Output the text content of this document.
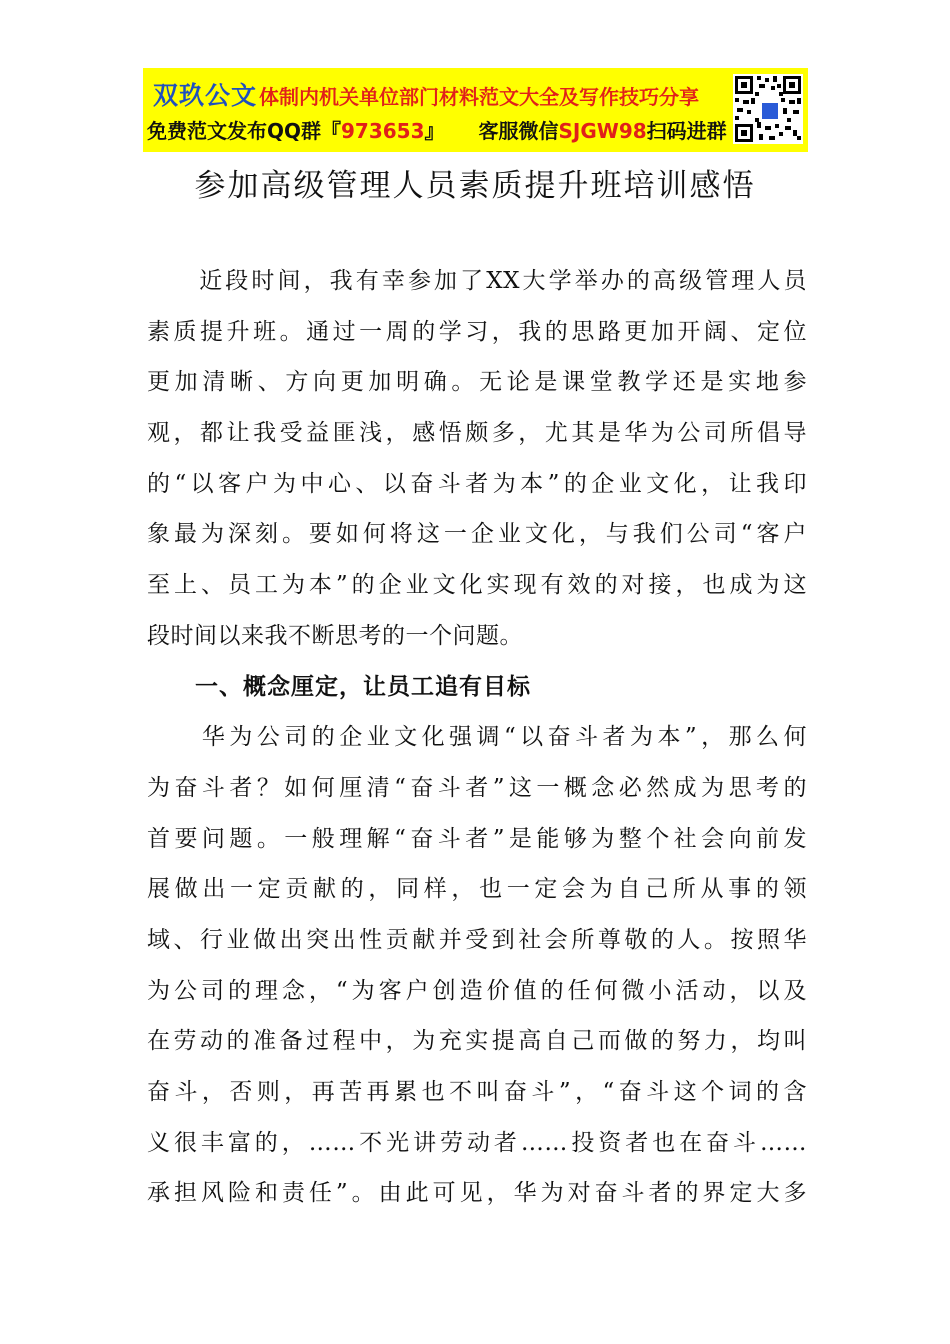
双玖公文 体制内机关单位部门材料范文大全及写作技巧分享
免费范文发布QQ群『973653』 客服微信SJGW98扫码进群
参加高级管理人员素质提升班培训感悟
　　近段时间，我有幸参加了XX大学举办的高级管理人员
素质提升班。通过一周的学习，我的思路更加开阔、定位
更加清晰、方向更加明确。无论是课堂教学还是实地参
观，都让我受益匪浅，感悟颇多，尤其是华为公司所倡导
的“以客户为中心、以奋斗者为本”的企业文化，让我印
象最为深刻。要如何将这一企业文化，与我们公司“客户
至上、员工为本”的企业文化实现有效的对接，也成为这
段时间以来我不断思考的一个问题。
　　一、概念厘定，让员工追有目标
　　华为公司的企业文化强调“以奋斗者为本”，那么何
为奋斗者？如何厘清“奋斗者”这一概念必然成为思考的
首要问题。一般理解“奋斗者”是能够为整个社会向前发
展做出一定贡献的，同样，也一定会为自己所从事的领
域、行业做出突出性贡献并受到社会所尊敬的人。按照华
为公司的理念，“为客户创造价值的任何微小活动，以及
在劳动的准备过程中，为充实提高自己而做的努力，均叫
奋斗，否则，再苦再累也不叫奋斗”，“奋斗这个词的含
义很丰富的，……不光讲劳动者……投资者也在奋斗……
承担风险和责任”。由此可见，华为对奋斗者的界定大多
